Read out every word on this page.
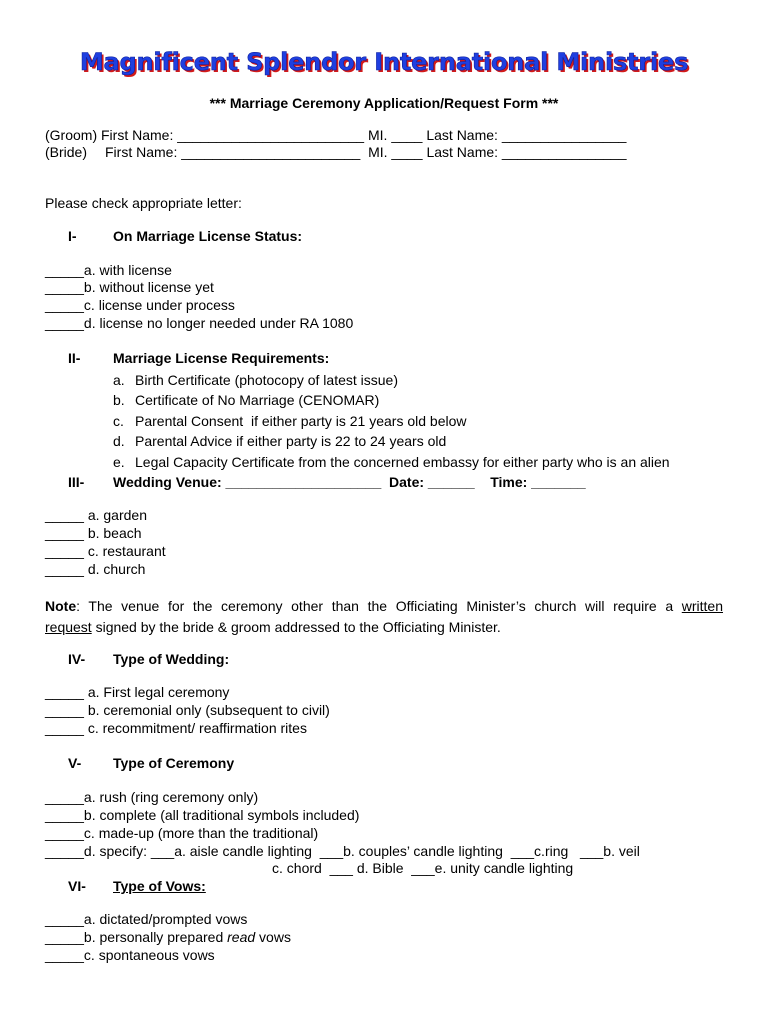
Magnificent Splendor International Ministries
*** Marriage Ceremony Application/Request Form ***
(Groom) First Name: ________________________ MI. ____ Last Name: ________________
(Bride) First Name: _______________________  MI. ____ Last Name: ________________
Please check appropriate letter:
I-	On Marriage License Status:
_____a. with license
_____b. without license yet
_____c. license under process
_____d. license no longer needed under RA 1080
II- Marriage License Requirements:
a. Birth Certificate (photocopy of latest issue)
b. Certificate of No Marriage (CENOMAR)
c. Parental Consent  if either party is 21 years old below
d. Parental Advice if either party is 22 to 24 years old
e. Legal Capacity Certificate from the concerned embassy for either party who is an alien
III- Wedding Venue: ____________________  Date: ______    Time: _______
_____ a. garden
_____ b. beach
_____ c. restaurant
_____ d. church
Note: The venue for the ceremony other than the Officiating Minister’s church will require a written
request signed by the bride & groom addressed to the Officiating Minister.
IV- Type of Wedding:
_____ a. First legal ceremony
_____ b. ceremonial only (subsequent to civil)
_____ c. recommitment/ reaffirmation rites
V- Type of Ceremony
_____a. rush (ring ceremony only)
_____b. complete (all traditional symbols included)
_____c. made-up (more than the traditional)
_____d. specify: ___a. aisle candle lighting  ___b. couples’ candle lighting  ___c.ring   ___b. veil
c. chord  ___ d. Bible  ___e. unity candle lighting
VI- Type of Vows:
_____a. dictated/prompted vows
_____b. personally prepared read vows
_____c. spontaneous vows
